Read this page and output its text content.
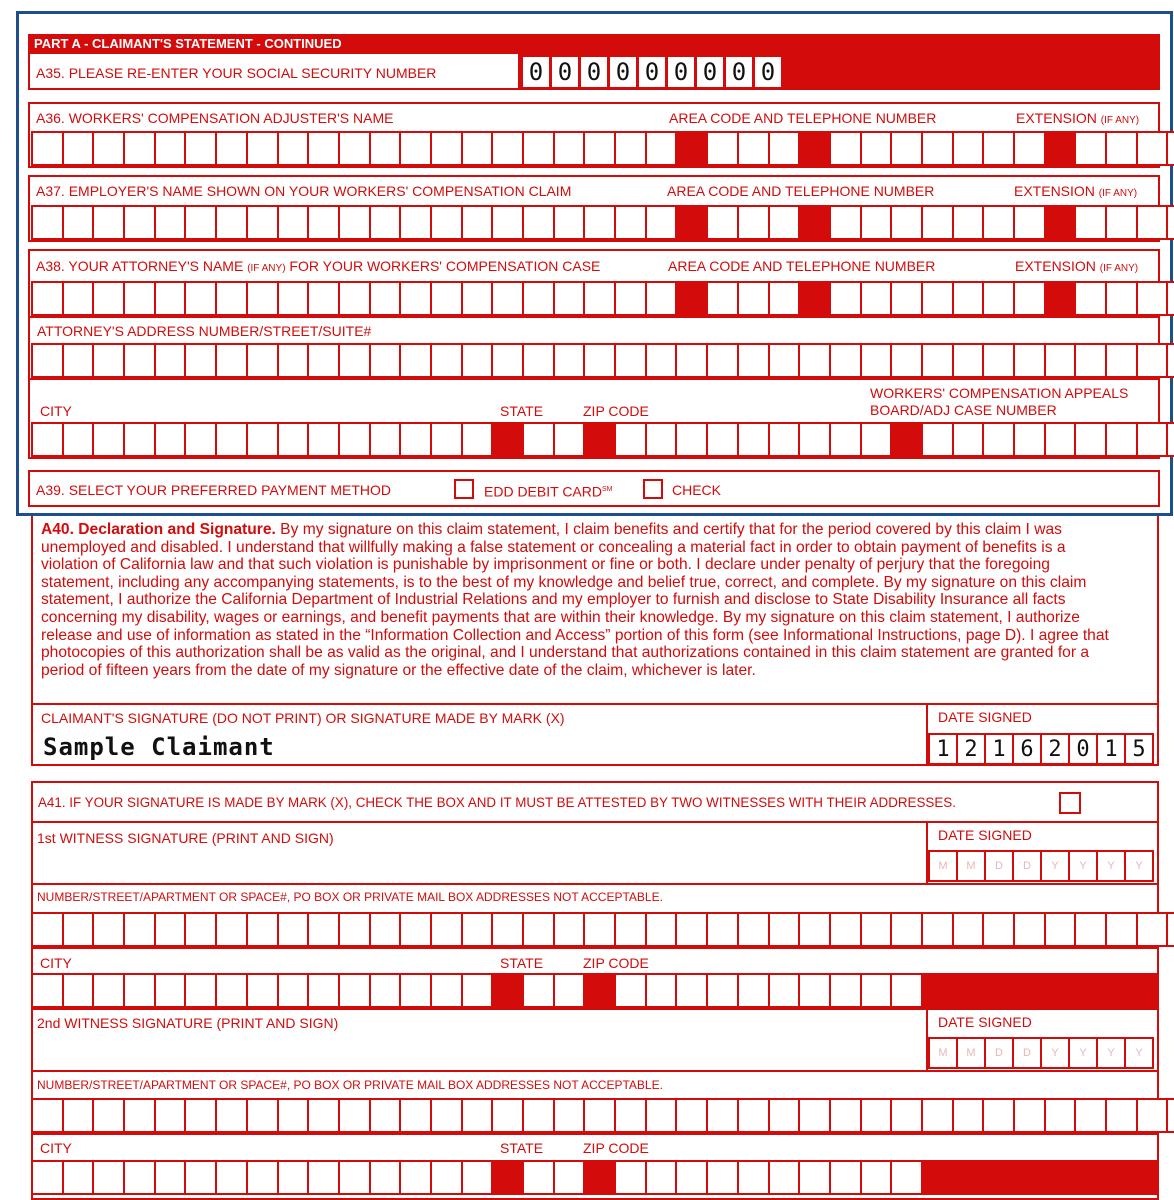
PART A - CLAIMANT'S STATEMENT - CONTINUED
A35. PLEASE RE-ENTER YOUR SOCIAL SECURITY NUMBER	0 0 0 0 0 0 0 0 0
A36. WORKERS' COMPENSATION ADJUSTER'S NAME	AREA CODE AND TELEPHONE NUMBER	EXTENSION (IF ANY)
A37. EMPLOYER'S NAME SHOWN ON YOUR WORKERS' COMPENSATION CLAIM	AREA CODE AND TELEPHONE NUMBER	EXTENSION (IF ANY)
A38. YOUR ATTORNEY'S NAME (IF ANY) FOR YOUR WORKERS' COMPENSATION CASE	AREA CODE AND TELEPHONE NUMBER	EXTENSION (IF ANY)
ATTORNEY'S ADDRESS NUMBER/STREET/SUITE#
CITY	STATE	ZIP CODE
WORKERS' COMPENSATION APPEALS
BOARD/ADJ CASE NUMBER
A39. SELECT YOUR PREFERRED PAYMENT METHOD	EDD DEBIT CARD℠	CHECK
A40. Declaration and Signature. By my signature on this claim statement, I claim benefits and certify that for the period covered by this claim I was unemployed and disabled. I understand that willfully making a false statement or concealing a material fact in order to obtain payment of benefits is a violation of California law and that such violation is punishable by imprisonment or fine or both. I declare under penalty of perjury that the foregoing statement, including any accompanying statements, is to the best of my knowledge and belief true, correct, and complete. By my signature on this claim statement, I authorize the California Department of Industrial Relations and my employer to furnish and disclose to State Disability Insurance all facts concerning my disability, wages or earnings, and benefit payments that are within their knowledge. By my signature on this claim statement, I authorize release and use of information as stated in the “Information Collection and Access” portion of this form (see Informational Instructions, page D). I agree that photocopies of this authorization shall be as valid as the original, and I understand that authorizations contained in this claim statement are granted for a period of fifteen years from the date of my signature or the effective date of the claim, whichever is later.
CLAIMANT'S SIGNATURE (DO NOT PRINT) OR SIGNATURE MADE BY MARK (X)
Sample Claimant
DATE SIGNED
1 2 1 6 2 0 1 5
A41. IF YOUR SIGNATURE IS MADE BY MARK (X), CHECK THE BOX AND IT MUST BE ATTESTED BY TWO WITNESSES WITH THEIR ADDRESSES.
1st WITNESS SIGNATURE (PRINT AND SIGN)	DATE SIGNED
M	M	D	D	Y	Y	Y	Y
NUMBER/STREET/APARTMENT OR SPACE#, PO BOX OR PRIVATE MAIL BOX ADDRESSES NOT ACCEPTABLE.
CITY	STATE	ZIP CODE
2nd WITNESS SIGNATURE (PRINT AND SIGN)	DATE SIGNED
M	M	D	D	Y	Y	Y	Y
NUMBER/STREET/APARTMENT OR SPACE#, PO BOX OR PRIVATE MAIL BOX ADDRESSES NOT ACCEPTABLE.
CITY	STATE	ZIP CODE
